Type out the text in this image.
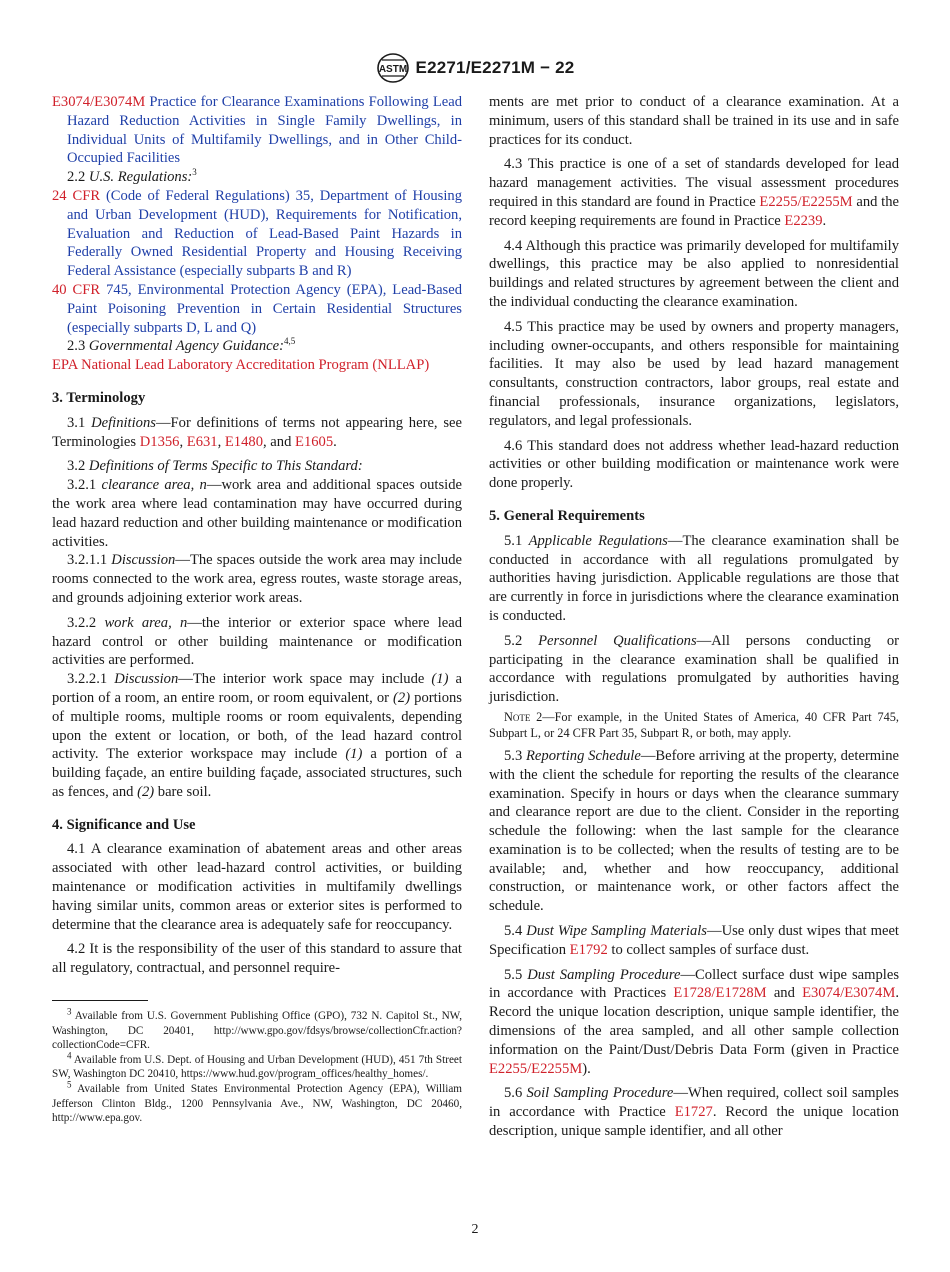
ASTM E2271/E2271M − 22

E3074/E3074M Practice for Clearance Examinations Following Lead Hazard Reduction Activities in Single Family Dwellings, in Individual Units of Multifamily Dwellings, and in Other Child-Occupied Facilities

2.2 U.S. Regulations:$^3$

24 CFR (Code of Federal Regulations) 35, Department of Housing and Urban Development (HUD), Requirements for Notification, Evaluation and Reduction of Lead-Based Paint Hazards in Federally Owned Residential Property and Housing Receiving Federal Assistance (especially subparts B and R)

40 CFR 745, Environmental Protection Agency (EPA), Lead-Based Paint Poisoning Prevention in Certain Residential Structures (especially subparts D, L and Q)

2.3 Governmental Agency Guidance:$^{4,5}$

EPA National Lead Laboratory Accreditation Program (NLLAP)

3. Terminology

3.1 Definitions—For definitions of terms not appearing here, see Terminologies D1356, E631, E1480, and E1605.

3.2 Definitions of Terms Specific to This Standard:

3.2.1 clearance area, n—work area and additional spaces outside the work area where lead contamination may have occurred during lead hazard reduction and other building maintenance or modification activities.

3.2.1.1 Discussion—The spaces outside the work area may include rooms connected to the work area, egress routes, waste storage areas, and grounds adjoining exterior work areas.

3.2.2 work area, n—the interior or exterior space where lead hazard control or other building maintenance or modification activities are performed.

3.2.2.1 Discussion—The interior work space may include (1) a portion of a room, an entire room, or room equivalent, or (2) portions of multiple rooms, multiple rooms or room equivalents, depending upon the extent or location, or both, of the lead hazard control activity. The exterior workspace may include (1) a portion of a building façade, an entire building façade, associated structures, such as fences, and (2) bare soil.

4. Significance and Use

4.1 A clearance examination of abatement areas and other areas associated with other lead-hazard control activities, or building maintenance or modification activities in multifamily dwellings having similar units, common areas or exterior sites is performed to determine that the clearance area is adequately safe for reoccupancy.

4.2 It is the responsibility of the user of this standard to assure that all regulatory, contractual, and personnel require-

$^3$ Available from U.S. Government Publishing Office (GPO), 732 N. Capitol St., NW, Washington, DC 20401, http://www.gpo.gov/fdsys/browse/collectionCfr.action?collectionCode=CFR.

$^4$ Available from U.S. Dept. of Housing and Urban Development (HUD), 451 7th Street SW, Washington DC 20410, https://www.hud.gov/program_offices/healthy_homes/.

$^5$ Available from United States Environmental Protection Agency (EPA), William Jefferson Clinton Bldg., 1200 Pennsylvania Ave., NW, Washington, DC 20460, http://www.epa.gov.

ments are met prior to conduct of a clearance examination. At a minimum, users of this standard shall be trained in its use and in safe practices for its conduct.

4.3 This practice is one of a set of standards developed for lead hazard management activities. The visual assessment procedures required in this standard are found in Practice E2255/E2255M and the record keeping requirements are found in Practice E2239.

4.4 Although this practice was primarily developed for multifamily dwellings, this practice may be also applied to nonresidential buildings and related structures by agreement between the client and the individual conducting the clearance examination.

4.5 This practice may be used by owners and property managers, including owner-occupants, and others responsible for maintaining facilities. It may also be used by lead hazard management consultants, construction contractors, labor groups, real estate and financial professionals, insurance organizations, legislators, regulators, and legal professionals.

4.6 This standard does not address whether lead-hazard reduction activities or other building modification or maintenance work were done properly.

5. General Requirements

5.1 Applicable Regulations—The clearance examination shall be conducted in accordance with all regulations promulgated by authorities having jurisdiction. Applicable regulations are those that are currently in force in jurisdictions where the clearance examination is conducted.

5.2 Personnel Qualifications—All persons conducting or participating in the clearance examination shall be qualified in accordance with regulations promulgated by authorities having jurisdiction.

Note 2—For example, in the United States of America, 40 CFR Part 745, Subpart L, or 24 CFR Part 35, Subpart R, or both, may apply.

5.3 Reporting Schedule—Before arriving at the property, determine with the client the schedule for reporting the results of the clearance examination. Specify in hours or days when the clearance summary and clearance report are due to the client. Consider in the reporting schedule the following: when the last sample for the clearance examination is to be collected; when the results of testing are to be available; and, whether and how reoccupancy, additional construction, or maintenance work, or other factors affect the schedule.

5.4 Dust Wipe Sampling Materials—Use only dust wipes that meet Specification E1792 to collect samples of surface dust.

5.5 Dust Sampling Procedure—Collect surface dust wipe samples in accordance with Practices E1728/E1728M and E3074/E3074M. Record the unique location description, unique sample identifier, the dimensions of the area sampled, and all other sample collection information on the Paint/Dust/Debris Data Form (given in Practice E2255/E2255M).

5.6 Soil Sampling Procedure—When required, collect soil samples in accordance with Practice E1727. Record the unique location description, unique sample identifier, and all other

2
